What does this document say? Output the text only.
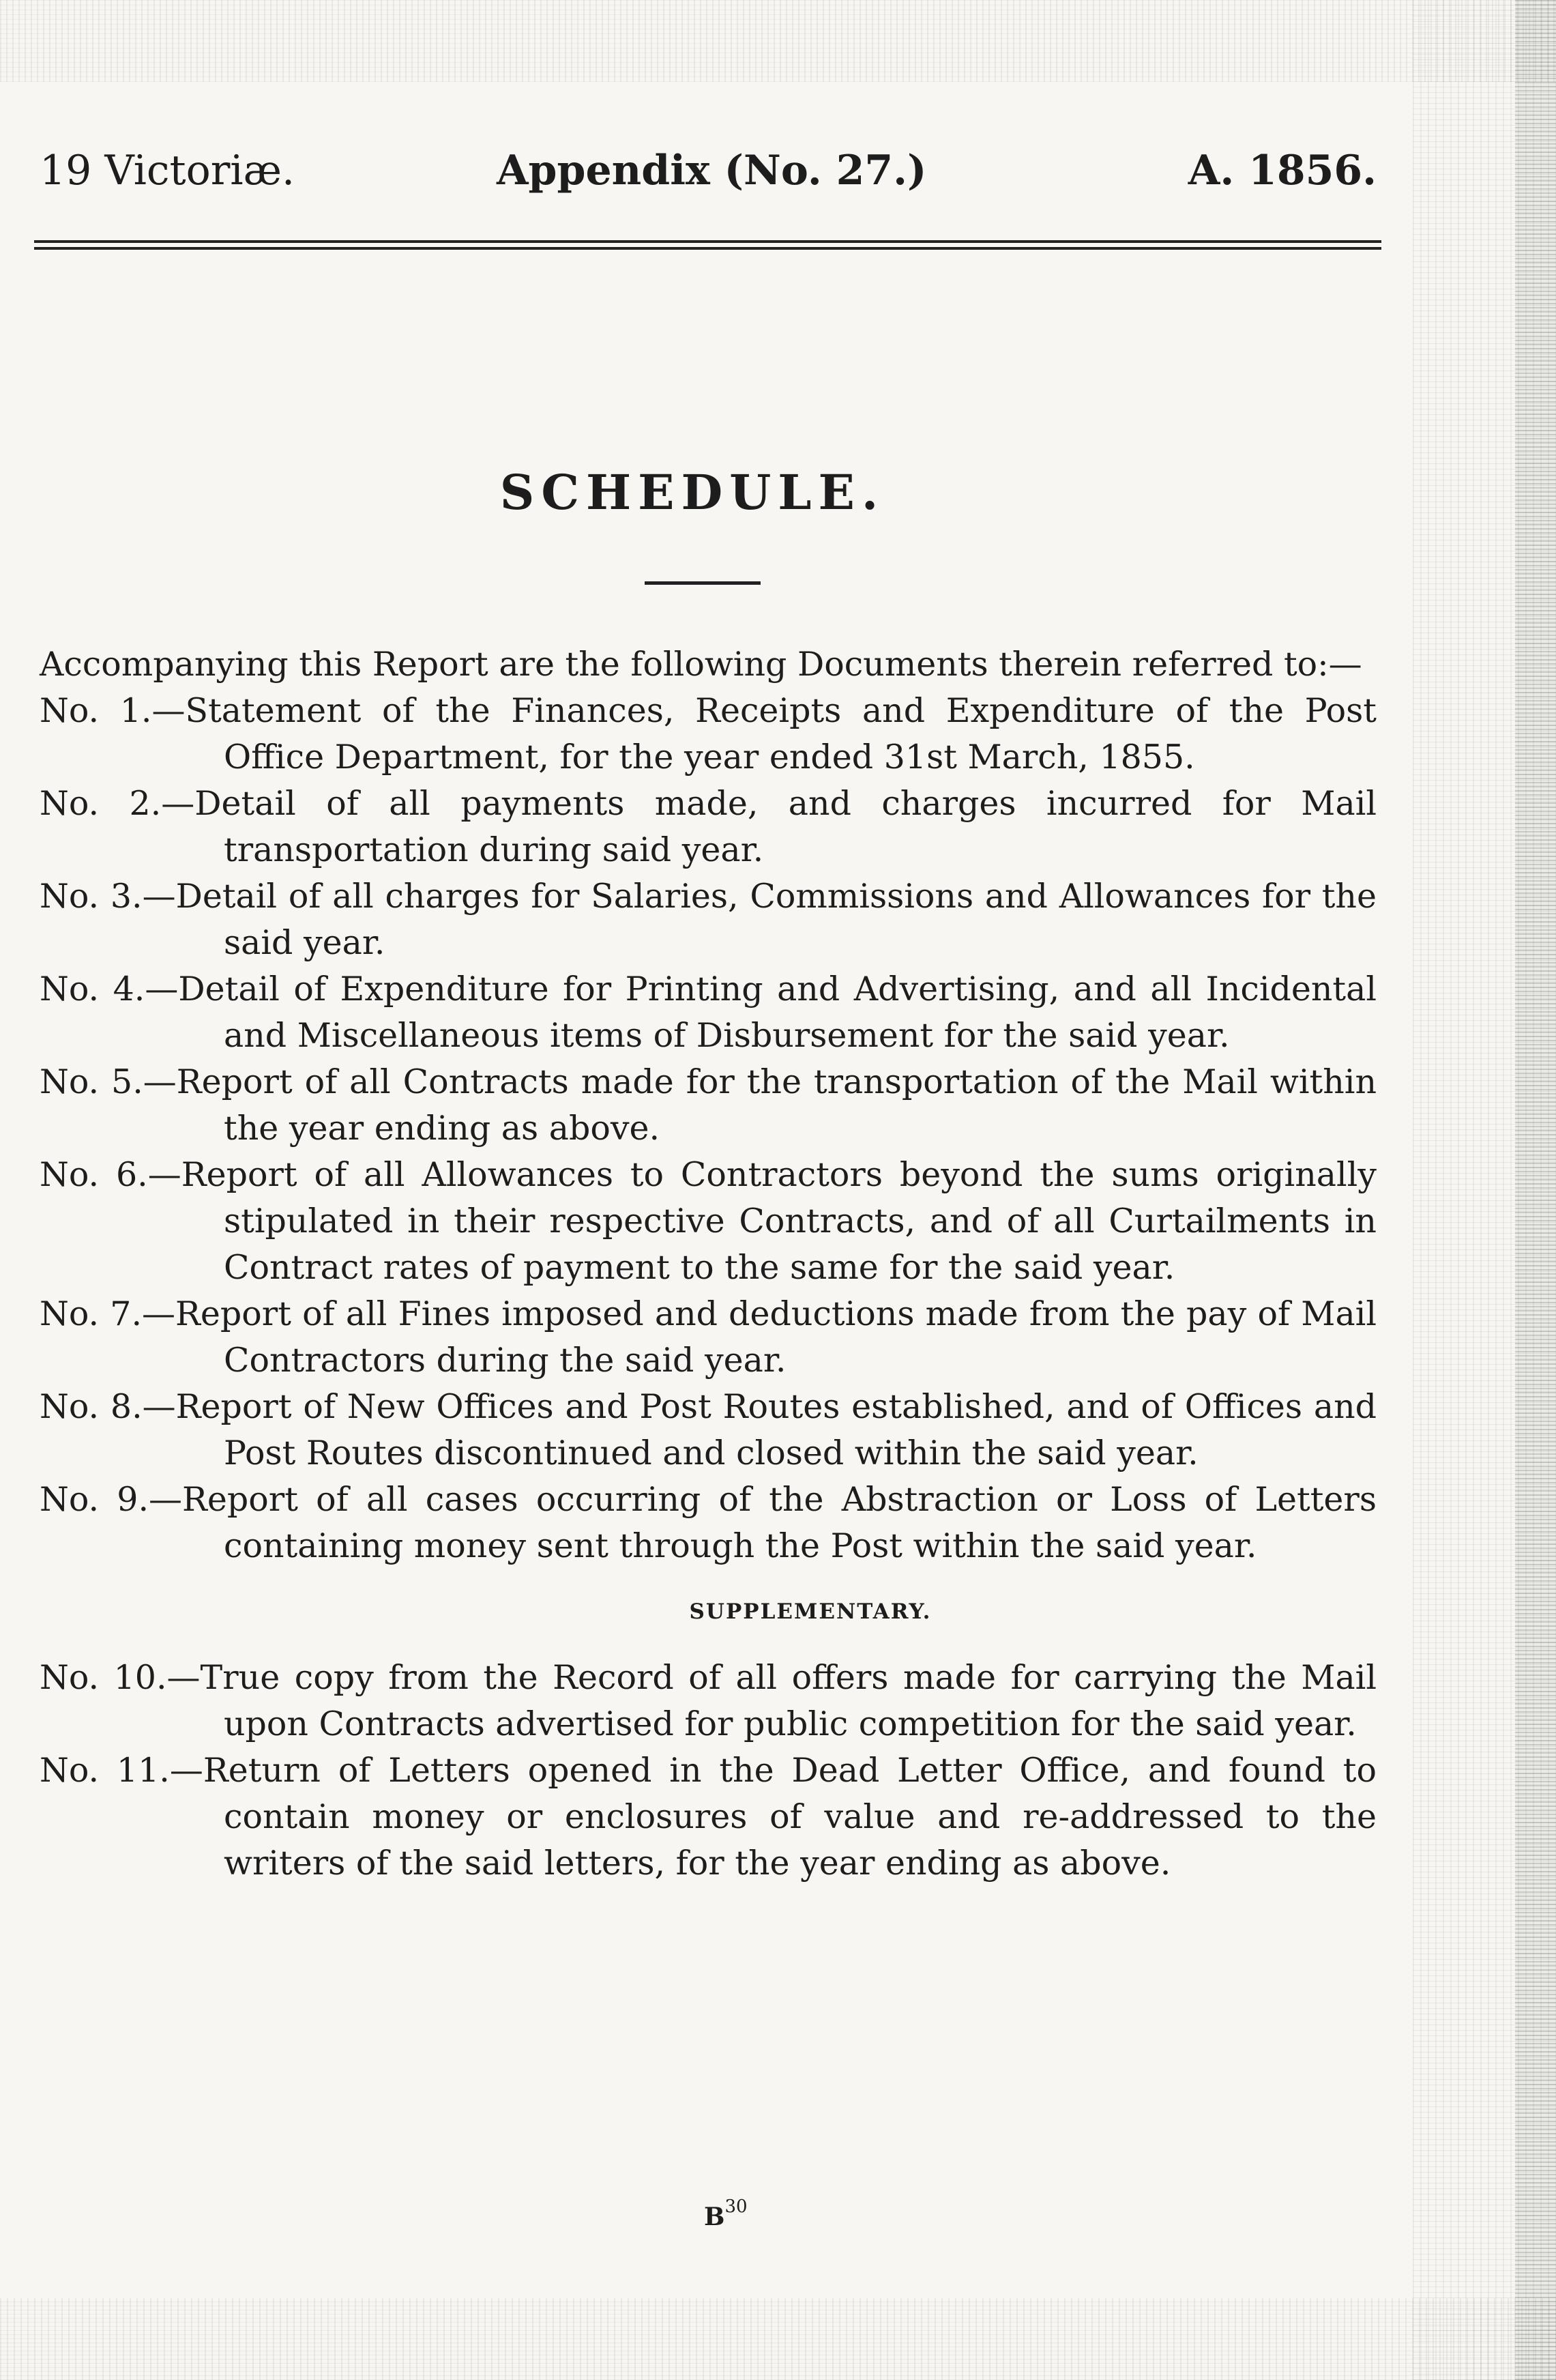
19 Victoriæ.	Appendix (No. 27.)	A. 1856.
SCHEDULE.
Accompanying this Report are the following Documents therein referred to:—
No. 1.—Statement of the Finances, Receipts and Expenditure of the Post Office Department, for the year ended 31st March, 1855.
No. 2.—Detail of all payments made, and charges incurred for Mail transportation during said year.
No. 3.—Detail of all charges for Salaries, Commissions and Allowances for the said year.
No. 4.—Detail of Expenditure for Printing and Advertising, and all Incidental and Miscellaneous items of Disbursement for the said year.
No. 5.—Report of all Contracts made for the transportation of the Mail within the year ending as above.
No. 6.—Report of all Allowances to Contractors beyond the sums originally stipulated in their respective Contracts, and of all Curtailments in Contract rates of payment to the same for the said year.
No. 7.—Report of all Fines imposed and deductions made from the pay of Mail Contractors during the said year.
No. 8.—Report of New Offices and Post Routes established, and of Offices and Post Routes discontinued and closed within the said year.
No. 9.—Report of all cases occurring of the Abstraction or Loss of Letters containing money sent through the Post within the said year.
SUPPLEMENTARY.
No. 10.—True copy from the Record of all offers made for carrying the Mail upon Contracts advertised for public competition for the said year.
No. 11.—Return of Letters opened in the Dead Letter Office, and found to contain money or enclosures of value and re-addressed to the writers of the said letters, for the year ending as above.
$B^{30}$
